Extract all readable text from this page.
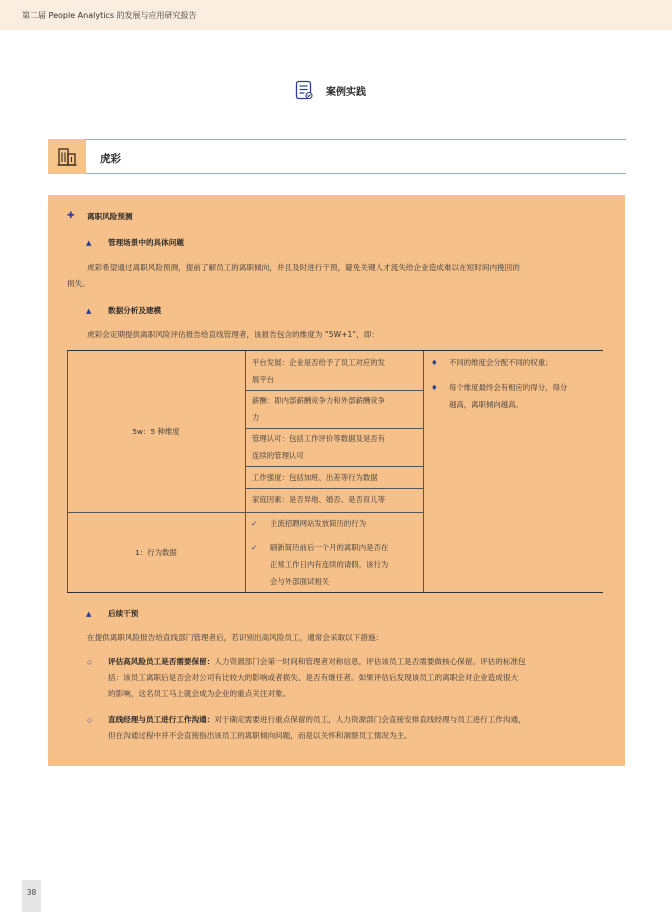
第二届 People Analytics 的发展与应用研究报告
案例实践
虎彩
✚ 离职风险预测
▲ 管理场景中的具体问题
虎彩希望通过离职风险预测，提前了解员工的离职倾向，并且及时进行干预，避免关键人才流失给企业造成难以在短时间内挽回的
损失。
▲ 数据分析及建模
虎彩会定期提供离职风险评估报告给直线管理者，该报告包含的维度为 “5W+1”，即：
5w：5 种维度
1：行为数据
平台发展：企业是否给予了员工对应的发
展平台
薪酬：即内部薪酬竞争力和外部薪酬竞争
力
管理认可：包括工作评价等数据及是否有
连续的管理认可
工作强度：包括加班、出差等行为数据
家庭因素：是否异地、婚否、是否育儿等
✓ 主流招聘网站发放简历的行为
✓ 刷新简历前后一个月的离职内是否在
正常工作日内有连续的请假，该行为
会与外部面试相关
♦ 不同的维度会分配不同的权重；
♦ 每个维度最终会有相应的得分，得分
越高，离职倾向越高。
▲ 后续干预
在提供离职风险报告给直线部门管理者后，若识别出高风险员工，通常会采取以下措施：
◇ 评估高风险员工是否需要保留：人力资源部门会第一时间和管理者对称信息，评估该员工是否需要做核心保留。评估的标准包
括：该员工离职后是否会对公司有比较大的影响或者损失、是否有继任者。如果评估后发现该员工的离职会对企业造成很大
的影响，这名员工马上就会成为企业的重点关注对象。
◇ 直线经理与员工进行工作沟通：对于确定需要进行重点保留的员工，人力资源部门会直接安排直线经理与员工进行工作沟通，
但在沟通过程中并不会直接指出该员工的离职倾向问题，而是以关怀和洞察员工情况为主。
38
